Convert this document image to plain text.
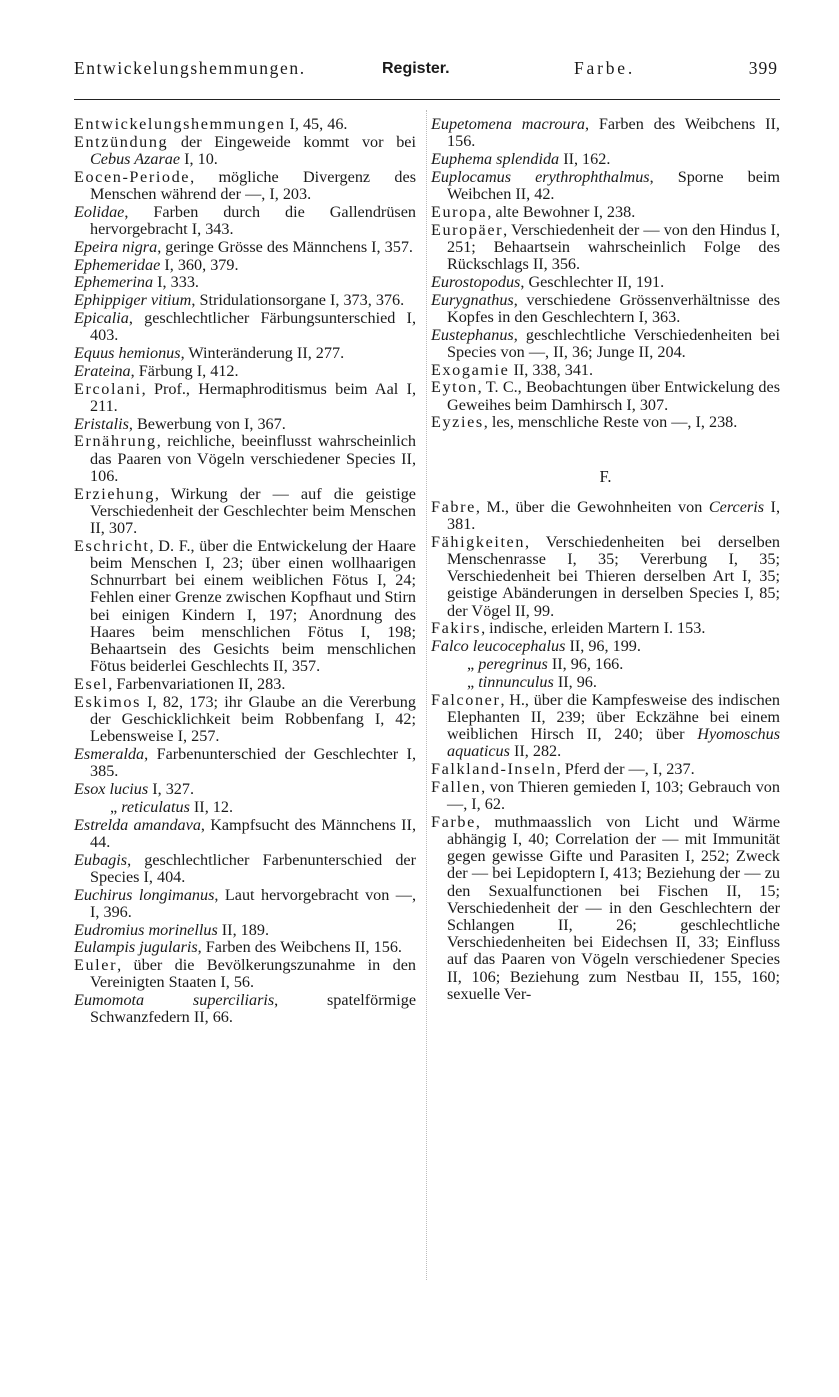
Entwickelungshemmungen.	Register.	Farbe.	399
Entwickelungshemmungen I, 45, 46.
Entzündung der Eingeweide kommt vor bei Cebus Azarae I, 10.
Eocen-Periode, mögliche Divergenz des Menschen während der —, I, 203.
Eolidae, Farben durch die Gallendrüsen hervorgebracht I, 343.
Epeira nigra, geringe Grösse des Männchens I, 357.
Ephemeridae I, 360, 379.
Ephemerina I, 333.
Ephippiger vitium, Stridulationsorgane I, 373, 376.
Epicalia, geschlechtlicher Färbungsunterschied I, 403.
Equus hemionus, Winteränderung II, 277.
Erateina, Färbung I, 412.
Ercolani, Prof., Hermaphroditismus beim Aal I, 211.
Eristalis, Bewerbung von I, 367.
Ernährung, reichliche, beeinflusst wahrscheinlich das Paaren von Vögeln verschiedener Species II, 106.
Erziehung, Wirkung der — auf die geistige Verschiedenheit der Geschlechter beim Menschen II, 307.
Eschricht, D. F., über die Entwickelung der Haare beim Menschen I, 23; über einen wollhaarigen Schnurrbart bei einem weiblichen Fötus I, 24; Fehlen einer Grenze zwischen Kopfhaut und Stirn bei einigen Kindern I, 197; Anordnung des Haares beim menschlichen Fötus I, 198; Behaartsein des Gesichts beim menschlichen Fötus beiderlei Geschlechts II, 357.
Esel, Farbenvariationen II, 283.
Eskimos I, 82, 173; ihr Glaube an die Vererbung der Geschicklichkeit beim Robbenfang I, 42; Lebensweise I, 257.
Esmeralda, Farbenunterschied der Geschlechter I, 385.
Esox lucius I, 327.
„ reticulatus II, 12.
Estrelda amandava, Kampfsucht des Männchens II, 44.
Eubagis, geschlechtlicher Farbenunterschied der Species I, 404.
Euchirus longimanus, Laut hervorgebracht von —, I, 396.
Eudromius morinellus II, 189.
Eulampis jugularis, Farben des Weibchens II, 156.
Euler, über die Bevölkerungszunahme in den Vereinigten Staaten I, 56.
Eumomota superciliaris, spatelförmige Schwanzfedern II, 66.
Eupetomena macroura, Farben des Weibchens II, 156.
Euphema splendida II, 162.
Euplocamus erythrophthalmus, Sporne beim Weibchen II, 42.
Europa, alte Bewohner I, 238.
Europäer, Verschiedenheit der — von den Hindus I, 251; Behaartsein wahrscheinlich Folge des Rückschlags II, 356.
Eurostopodus, Geschlechter II, 191.
Eurygnathus, verschiedene Grössenverhältnisse des Kopfes in den Geschlechtern I, 363.
Eustephanus, geschlechtliche Verschiedenheiten bei Species von —, II, 36; Junge II, 204.
Exogamie II, 338, 341.
Eyton, T. C., Beobachtungen über Entwickelung des Geweihes beim Damhirsch I, 307.
Eyzies, les, menschliche Reste von —, I, 238.
F.
Fabre, M., über die Gewohnheiten von Cerceris I, 381.
Fähigkeiten, Verschiedenheiten bei derselben Menschenrasse I, 35; Vererbung I, 35; Verschiedenheit bei Thieren derselben Art I, 35; geistige Abänderungen in derselben Species I, 85; der Vögel II, 99.
Fakirs, indische, erleiden Martern I. 153.
Falco leucocephalus II, 96, 199.
„ peregrinus II, 96, 166.
„ tinnunculus II, 96.
Falconer, H., über die Kampfesweise des indischen Elephanten II, 239; über Eckzähne bei einem weiblichen Hirsch II, 240; über Hyomoschus aquaticus II, 282.
Falkland-Inseln, Pferd der —, I, 237.
Fallen, von Thieren gemieden I, 103; Gebrauch von —, I, 62.
Farbe, muthmaasslich von Licht und Wärme abhängig I, 40; Correlation der — mit Immunität gegen gewisse Gifte und Parasiten I, 252; Zweck der — bei Lepidoptern I, 413; Beziehung der — zu den Sexualfunctionen bei Fischen II, 15; Verschiedenheit der — in den Geschlechtern der Schlangen II, 26; geschlechtliche Verschiedenheiten bei Eidechsen II, 33; Einfluss auf das Paaren von Vögeln verschiedener Species II, 106; Beziehung zum Nestbau II, 155, 160; sexuelle Ver-
